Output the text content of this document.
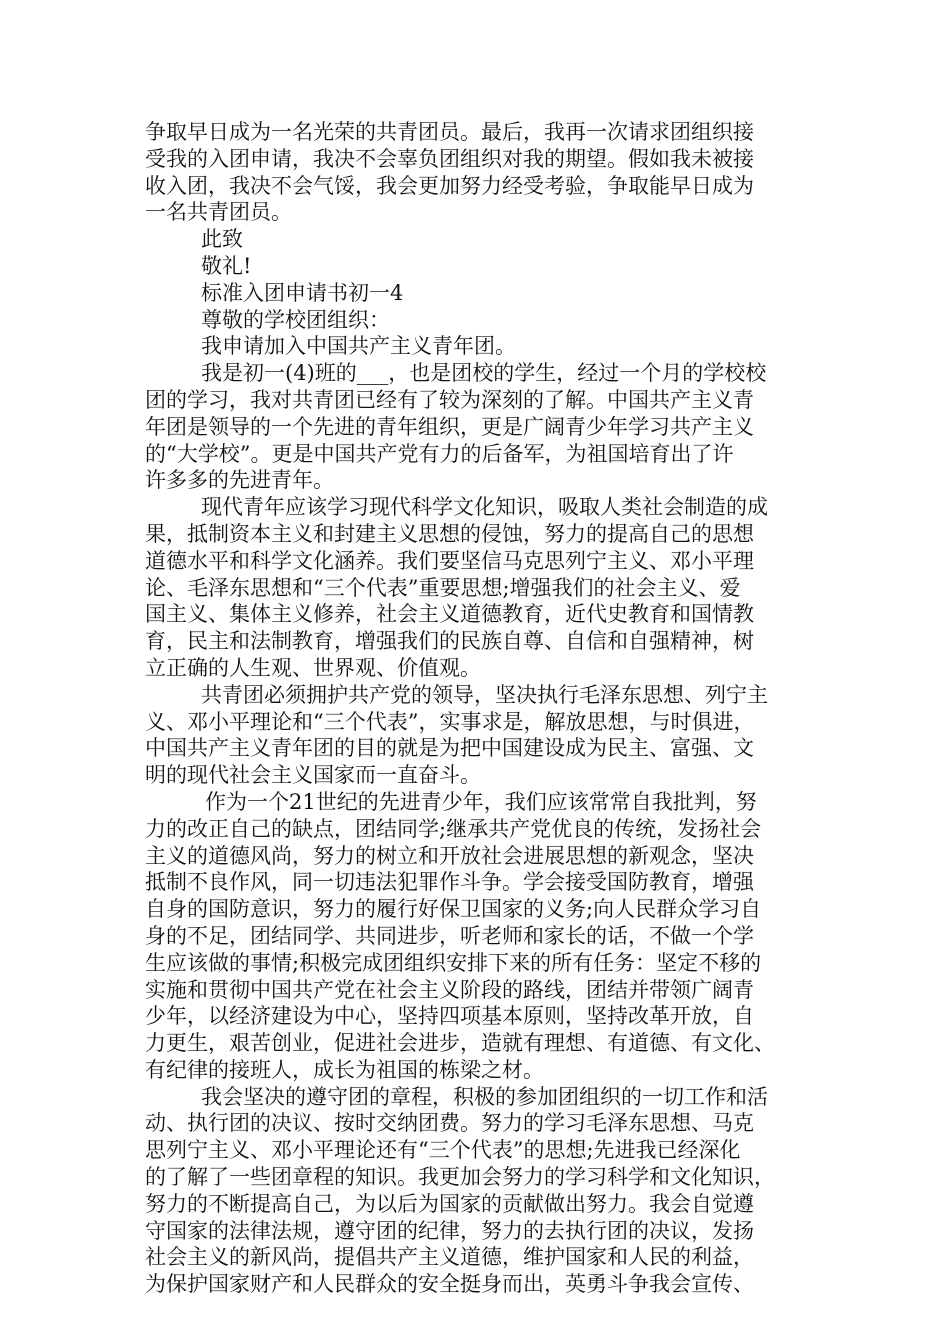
争取早日成为一名光荣的共青团员。最后，我再一次请求团组织接
受我的入团申请，我决不会辜负团组织对我的期望。假如我未被接
收入团，我决不会气馁，我会更加努力经受考验，争取能早日成为
一名共青团员。
此致
敬礼!
标准入团申请书初一4
尊敬的学校团组织：
我申请加入中国共产主义青年团。
我是初一(4)班的___，也是团校的学生，经过一个月的学校校
团的学习，我对共青团已经有了较为深刻的了解。中国共产主义青
年团是领导的一个先进的青年组织，更是广阔青少年学习共产主义
的“大学校”。更是中国共产党有力的后备军，为祖国培育出了许
许多多的先进青年。
现代青年应该学习现代科学文化知识，吸取人类社会制造的成
果，抵制资本主义和封建主义思想的侵蚀，努力的提高自己的思想
道德水平和科学文化涵养。我们要坚信马克思列宁主义、邓小平理
论、毛泽东思想和“三个代表”重要思想;增强我们的社会主义、爱
国主义、集体主义修养，社会主义道德教育，近代史教育和国情教
育，民主和法制教育，增强我们的民族自尊、自信和自强精神，树
立正确的人生观、世界观、价值观。
共青团必须拥护共产党的领导，坚决执行毛泽东思想、列宁主
义、邓小平理论和“三个代表”，实事求是，解放思想，与时俱进，
中国共产主义青年团的目的就是为把中国建设成为民主、富强、文
明的现代社会主义国家而一直奋斗。
作为一个21世纪的先进青少年，我们应该常常自我批判，努
力的改正自己的缺点，团结同学;继承共产党优良的传统，发扬社会
主义的道德风尚，努力的树立和开放社会进展思想的新观念，坚决
抵制不良作风，同一切违法犯罪作斗争。学会接受国防教育，增强
自身的国防意识，努力的履行好保卫国家的义务;向人民群众学习自
身的不足，团结同学、共同进步，听老师和家长的话，不做一个学
生应该做的事情;积极完成团组织安排下来的所有任务：坚定不移的
实施和贯彻中国共产党在社会主义阶段的路线，团结并带领广阔青
少年，以经济建设为中心，坚持四项基本原则，坚持改革开放，自
力更生，艰苦创业，促进社会进步，造就有理想、有道德、有文化、
有纪律的接班人，成长为祖国的栋梁之材。
我会坚决的遵守团的章程，积极的参加团组织的一切工作和活
动、执行团的决议、按时交纳团费。努力的学习毛泽东思想、马克
思列宁主义、邓小平理论还有“三个代表”的思想;先进我已经深化
的了解了一些团章程的知识。我更加会努力的学习科学和文化知识，
努力的不断提高自己，为以后为国家的贡献做出努力。我会自觉遵
守国家的法律法规，遵守团的纪律，努力的去执行团的决议，发扬
社会主义的新风尚，提倡共产主义道德，维护国家和人民的利益，
为保护国家财产和人民群众的安全挺身而出，英勇斗争我会宣传、
